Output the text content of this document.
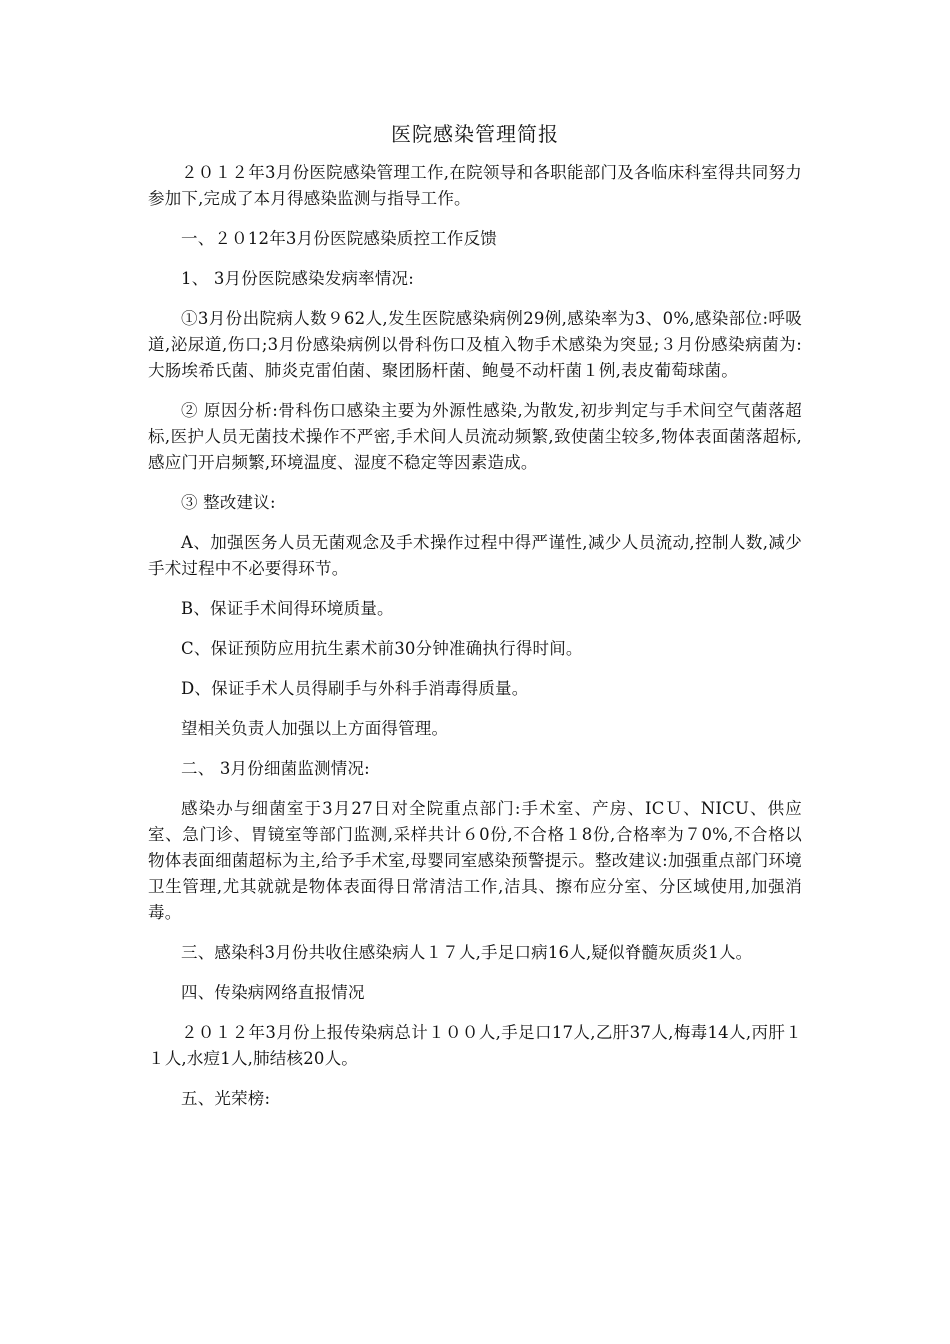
医院感染管理简报

２０１２年3月份医院感染管理工作,在院领导和各职能部门及各临床科室得共同努力参加下,完成了本月得感染监测与指导工作。

一、２０12年3月份医院感染质控工作反馈

1、 3月份医院感染发病率情况:

①3月份出院病人数９62人,发生医院感染病例29例,感染率为3、0%,感染部位:呼吸道,泌尿道,伤口;3月份感染病例以骨科伤口及植入物手术感染为突显;３月份感染病菌为:大肠埃希氏菌、肺炎克雷伯菌、聚团肠杆菌、鲍曼不动杆菌１例,表皮葡萄球菌。

② 原因分析:骨科伤口感染主要为外源性感染,为散发,初步判定与手术间空气菌落超标,医护人员无菌技术操作不严密,手术间人员流动频繁,致使菌尘较多,物体表面菌落超标,感应门开启频繁,环境温度、湿度不稳定等因素造成。

③ 整改建议:

A、加强医务人员无菌观念及手术操作过程中得严谨性,减少人员流动,控制人数,减少手术过程中不必要得环节。

B、保证手术间得环境质量。

C、保证预防应用抗生素术前30分钟准确执行得时间。

D、保证手术人员得刷手与外科手消毒得质量。

望相关负责人加强以上方面得管理。

二、 3月份细菌监测情况:

感染办与细菌室于3月27日对全院重点部门:手术室、产房、ICＵ、NICU、供应室、急门诊、胃镜室等部门监测,采样共计６0份,不合格１8份,合格率为７0%,不合格以物体表面细菌超标为主,给予手术室,母婴同室感染预警提示。整改建议:加强重点部门环境卫生管理,尤其就就是物体表面得日常清洁工作,洁具、擦布应分室、分区域使用,加强消毒。

三、感染科3月份共收住感染病人１７人,手足口病16人,疑似脊髓灰质炎1人。

四、传染病网络直报情况

２０１２年3月份上报传染病总计１００人,手足口17人,乙肝37人,梅毒14人,丙肝１１人,水痘1人,肺结核20人。

五、光荣榜:
